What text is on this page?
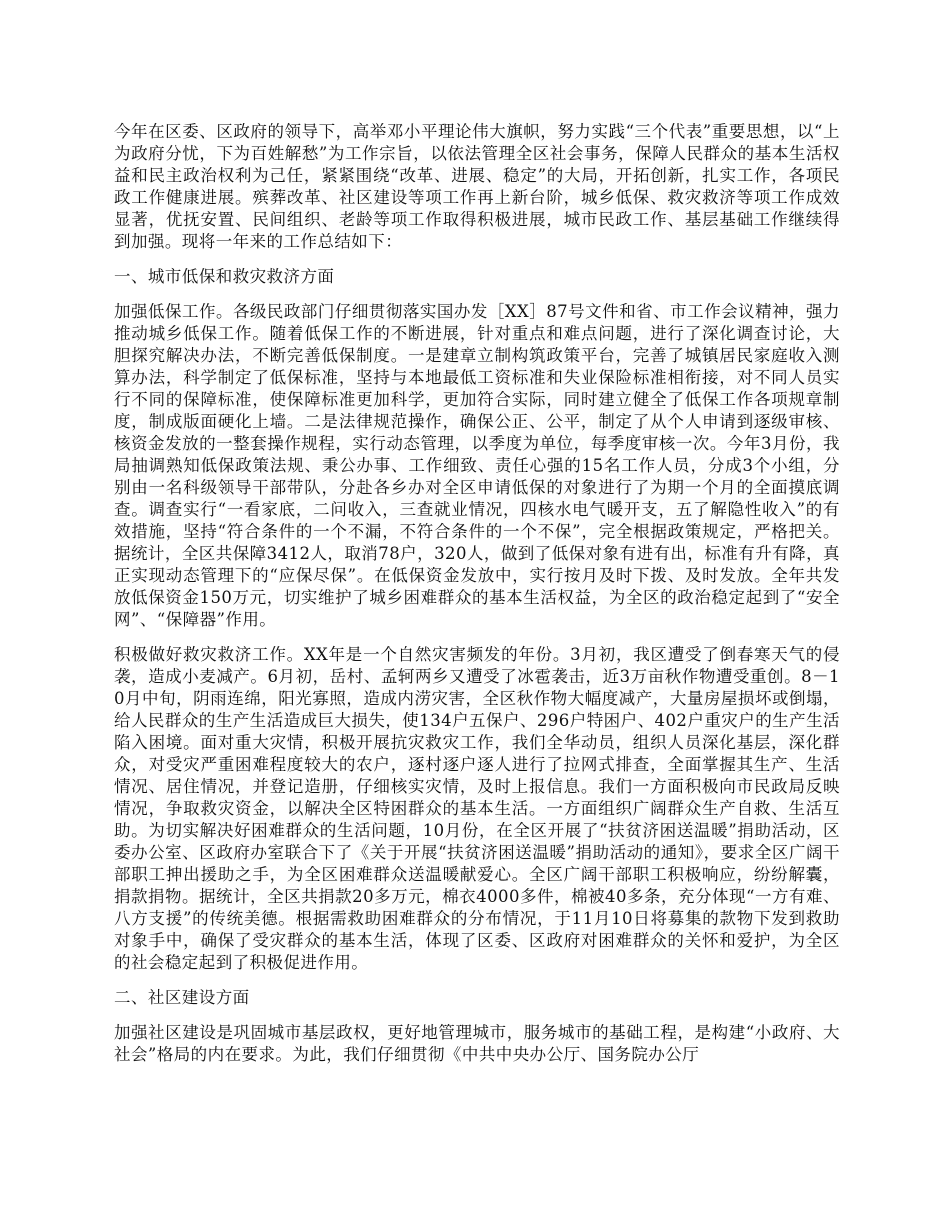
今年在区委、区政府的领导下，高举邓小平理论伟大旗帜，努力实践“三个代表”重要思想，以“上为政府分忧，下为百姓解愁”为工作宗旨，以依法管理全区社会事务，保障人民群众的基本生活权益和民主政治权利为己任，紧紧围绕“改革、进展、稳定”的大局，开拓创新，扎实工作，各项民政工作健康进展。殡葬改革、社区建设等项工作再上新台阶，城乡低保、救灾救济等项工作成效显著，优抚安置、民间组织、老龄等项工作取得积极进展，城市民政工作、基层基础工作继续得到加强。现将一年来的工作总结如下：

一、城市低保和救灾救济方面

加强低保工作。各级民政部门仔细贯彻落实国办发［XX］87号文件和省、市工作会议精神，强力推动城乡低保工作。随着低保工作的不断进展，针对重点和难点问题，进行了深化调查讨论，大胆探究解决办法，不断完善低保制度。一是建章立制构筑政策平台，完善了城镇居民家庭收入测算办法，科学制定了低保标准，坚持与本地最低工资标准和失业保险标准相衔接，对不同人员实行不同的保障标准，使保障标准更加科学，更加符合实际，同时建立健全了低保工作各项规章制度，制成版面硬化上墙。二是法律规范操作，确保公正、公平，制定了从个人申请到逐级审核、核资金发放的一整套操作规程，实行动态管理，以季度为单位，每季度审核一次。今年3月份，我局抽调熟知低保政策法规、秉公办事、工作细致、责任心强的15名工作人员，分成3个小组，分别由一名科级领导干部带队，分赴各乡办对全区申请低保的对象进行了为期一个月的全面摸底调查。调查实行“一看家底，二问收入，三查就业情况，四核水电气暖开支，五了解隐性收入”的有效措施，坚持“符合条件的一个不漏，不符合条件的一个不保”，完全根据政策规定，严格把关。据统计，全区共保障3412人，取消78户，320人，做到了低保对象有进有出，标准有升有降，真正实现动态管理下的“应保尽保”。在低保资金发放中，实行按月及时下拨、及时发放。全年共发放低保资金150万元，切实维护了城乡困难群众的基本生活权益，为全区的政治稳定起到了“安全网”、“保障器”作用。

积极做好救灾救济工作。XX年是一个自然灾害频发的年份。3月初，我区遭受了倒春寒天气的侵袭，造成小麦减产。6月初，岳村、孟轲两乡又遭受了冰雹袭击，近3万亩秋作物遭受重创。8－10月中旬，阴雨连绵，阳光寡照，造成内涝灾害，全区秋作物大幅度减产，大量房屋损坏或倒塌，给人民群众的生产生活造成巨大损失，使134户五保户、296户特困户、402户重灾户的生产生活陷入困境。面对重大灾情，积极开展抗灾救灾工作，我们全华动员，组织人员深化基层，深化群众，对受灾严重困难程度较大的农户，逐村逐户逐人进行了拉网式排查，全面掌握其生产、生活情况、居住情况，并登记造册，仔细核实灾情，及时上报信息。我们一方面积极向市民政局反映情况，争取救灾资金，以解决全区特困群众的基本生活。一方面组织广阔群众生产自救、生活互助。为切实解决好困难群众的生活问题，10月份，在全区开展了“扶贫济困送温暖”捐助活动，区委办公室、区政府办室联合下了《关于开展“扶贫济困送温暖”捐助活动的通知》，要求全区广阔干部职工抻出援助之手，为全区困难群众送温暖献爱心。全区广阔干部职工积极响应，纷纷解囊，捐款捐物。据统计，全区共捐款20多万元，棉衣4000多件，棉被40多条，充分体现“一方有难、八方支援”的传统美德。根据需救助困难群众的分布情况，于11月10日将募集的款物下发到救助对象手中，确保了受灾群众的基本生活，体现了区委、区政府对困难群众的关怀和爱护，为全区的社会稳定起到了积极促进作用。

二、社区建设方面

加强社区建设是巩固城市基层政权，更好地管理城市，服务城市的基础工程，是构建“小政府、大社会”格局的内在要求。为此，我们仔细贯彻《中共中央办公厅、国务院办公厅
